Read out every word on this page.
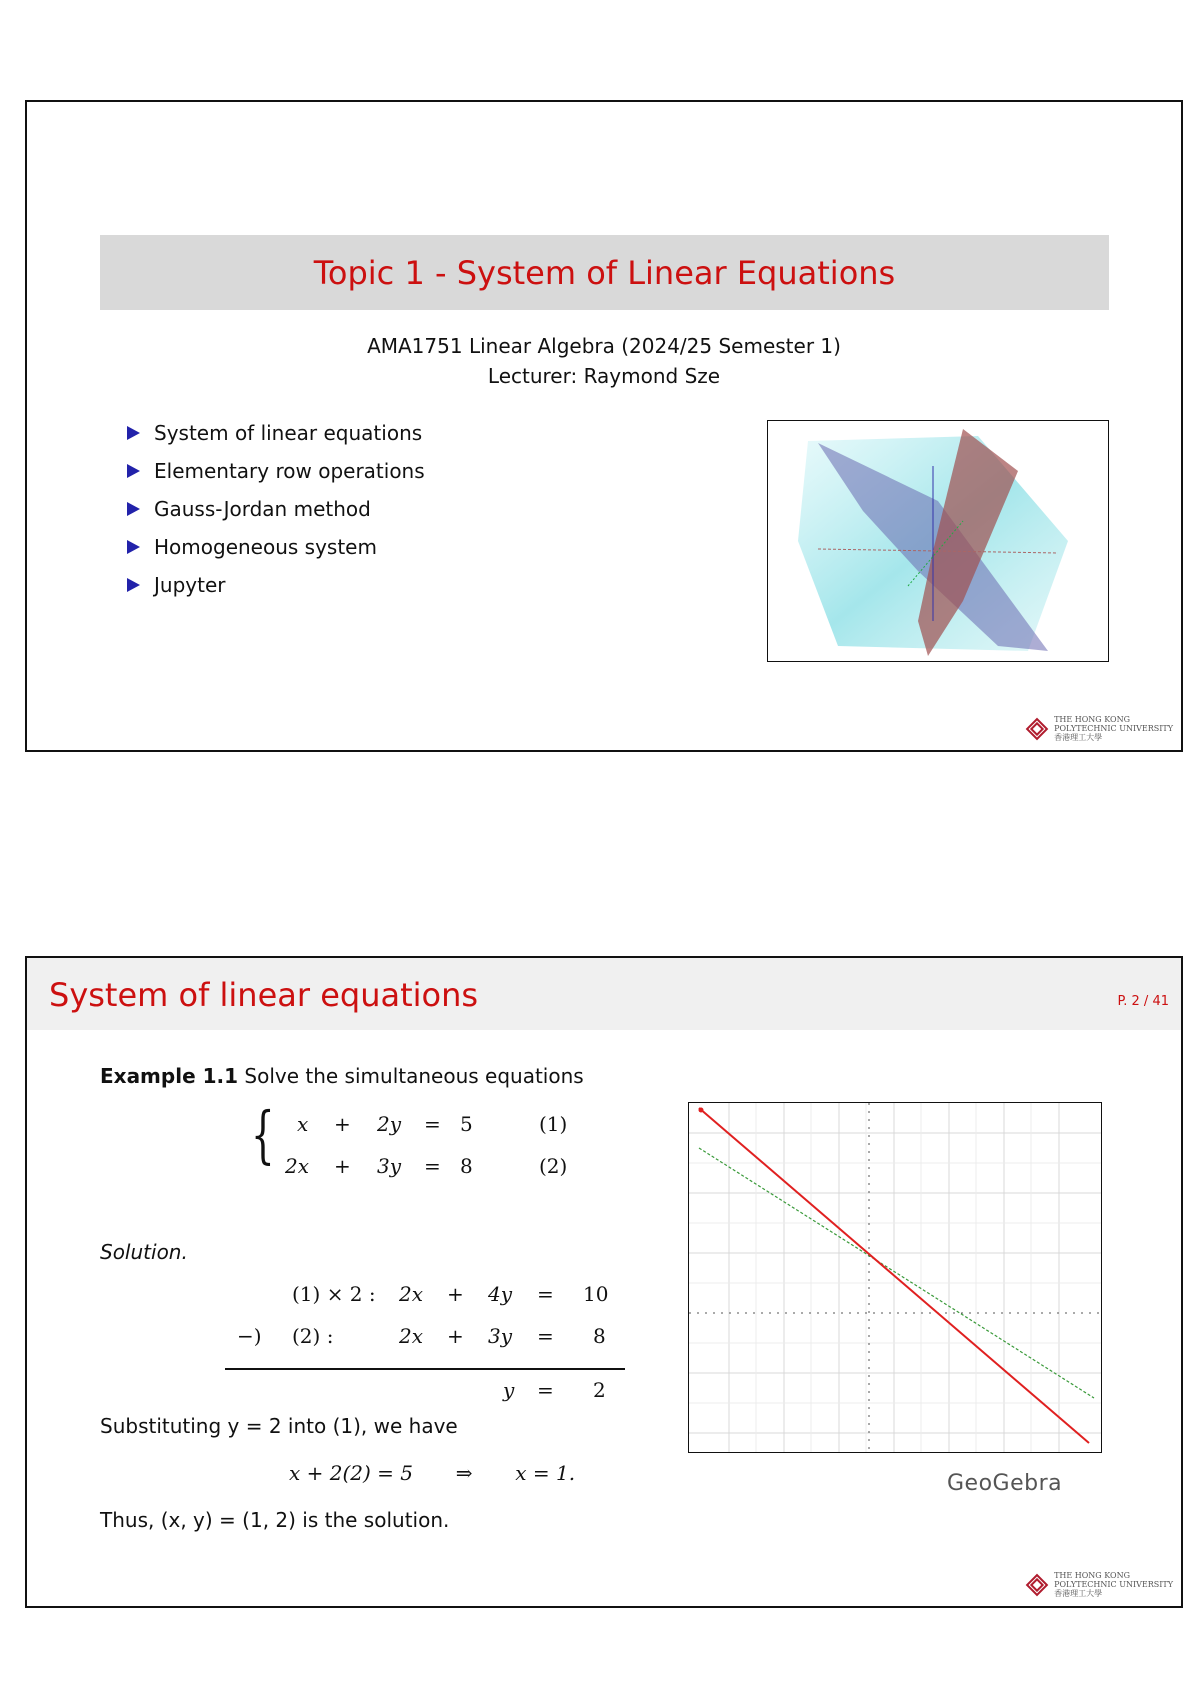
Topic 1 - System of Linear Equations
AMA1751 Linear Algebra (2024/25 Semester 1)
Lecturer: Raymond Sze
System of linear equations
Elementary row operations
Gauss-Jordan method
Homogeneous system
Jupyter
THE HONG KONG
POLYTECHNIC UNIVERSITY
香港理工大學
System of linear equations	P. 2 / 41
Example 1.1 Solve the simultaneous equations
{ x + 2y = 5	(1)
2x + 3y = 8	(2)
Solution.
(1) × 2 : 2x + 4y = 10
−) (2) :	2x + 3y = 8
y = 2
Substituting y = 2 into (1), we have
x + 2(2) = 5 ⇒ x = 1.
Thus, (x, y) = (1, 2) is the solution.
GeoGebra
THE HONG KONG
POLYTECHNIC UNIVERSITY
香港理工大學
